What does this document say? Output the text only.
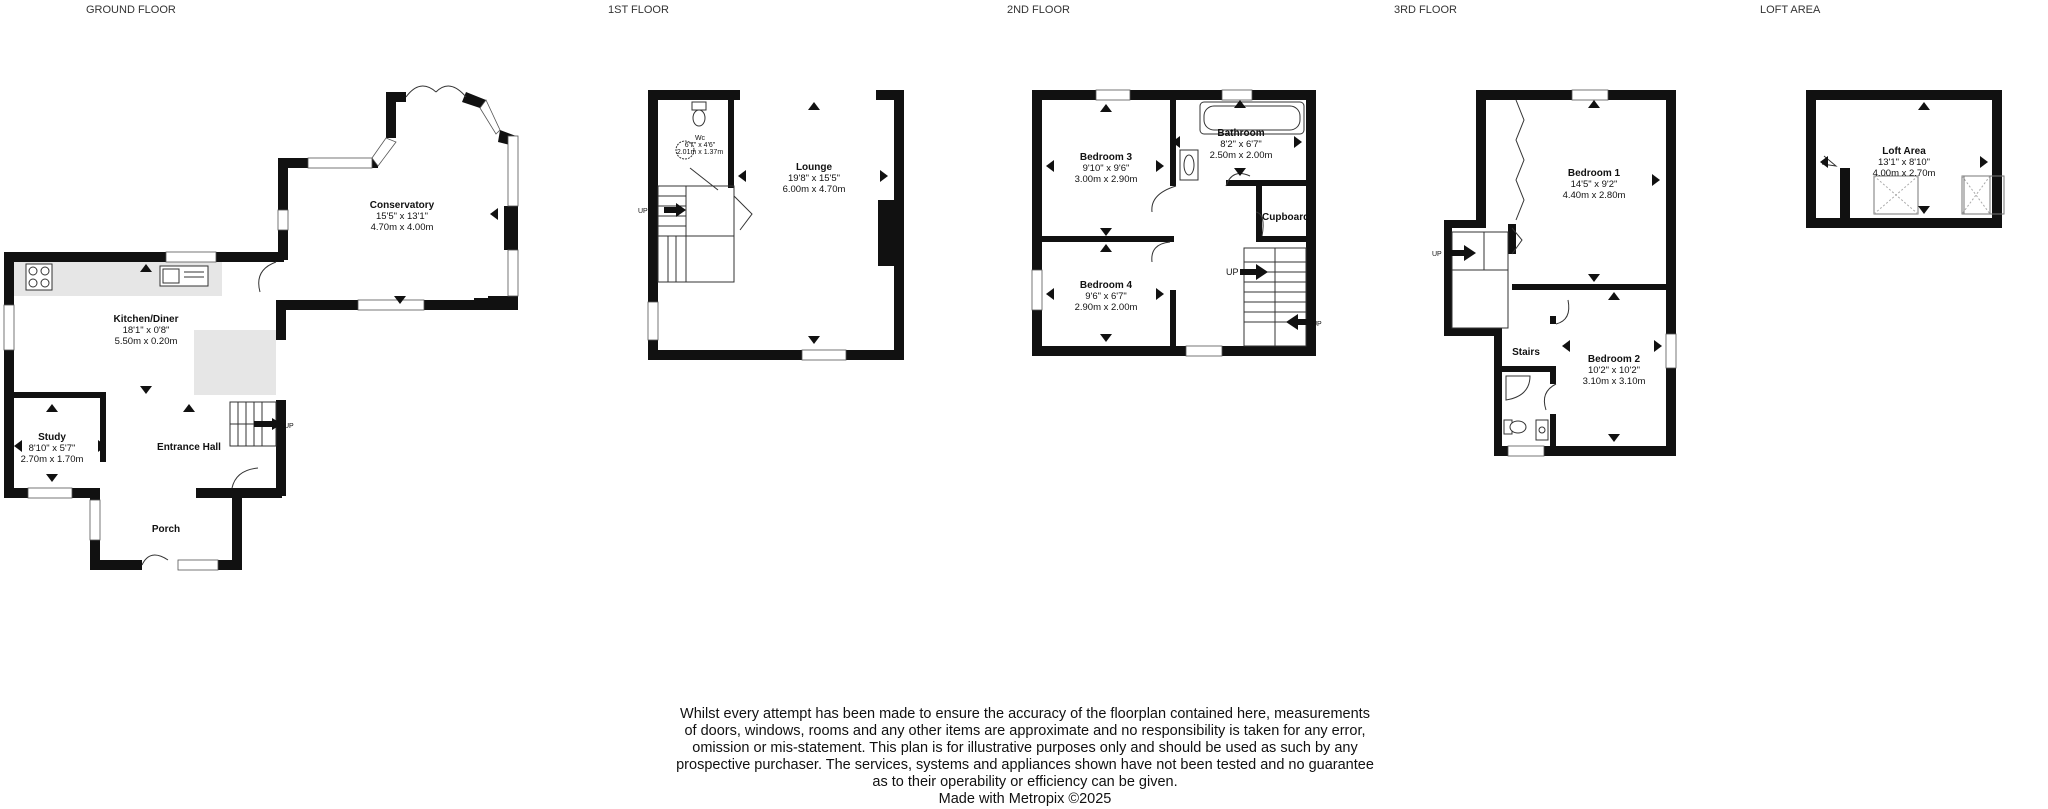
GROUND FLOOR	1ST FLOOR	2ND FLOOR	3RD FLOOR	LOFT AREA
UP
Conservatory
15'5" x 13'1"
4.70m x 4.00m
Kitchen/Diner
18'1" x 0'8"
5.50m x 0.20m
Study
8'10" x 5'7"
2.70m x 1.70m
Entrance Hall
Porch
Wc
6'7" x 4'6"
2.01m x 1.37m
UP
Lounge
19'8" x 15'5"
6.00m x 4.70m
UP
UP
Bedroom 3
9'10" x 9'6"
3.00m x 2.90m
Bathroom
8'2" x 6'7"
2.50m x 2.00m
Cupboard
Bedroom 4
9'6" x 6'7"
2.90m x 2.00m
UP
Bedroom 1
14'5" x 9'2"
4.40m x 2.80m
Bedroom 2
10'2" x 10'2"
3.10m x 3.10m
Stairs
Loft Area
13'1" x 8'10"
4.00m x 2.70m

Whilst every attempt has been made to ensure the accuracy of the floorplan contained here, measurements

of doors, windows, rooms and any other items are approximate and no responsibility is taken for any error,

omission or mis-statement. This plan is for illustrative purposes only and should be used as such by any

prospective purchaser. The services, systems and appliances shown have not been tested and no guarantee

as to their operability or efficiency can be given.

Made with Metropix ©2025
